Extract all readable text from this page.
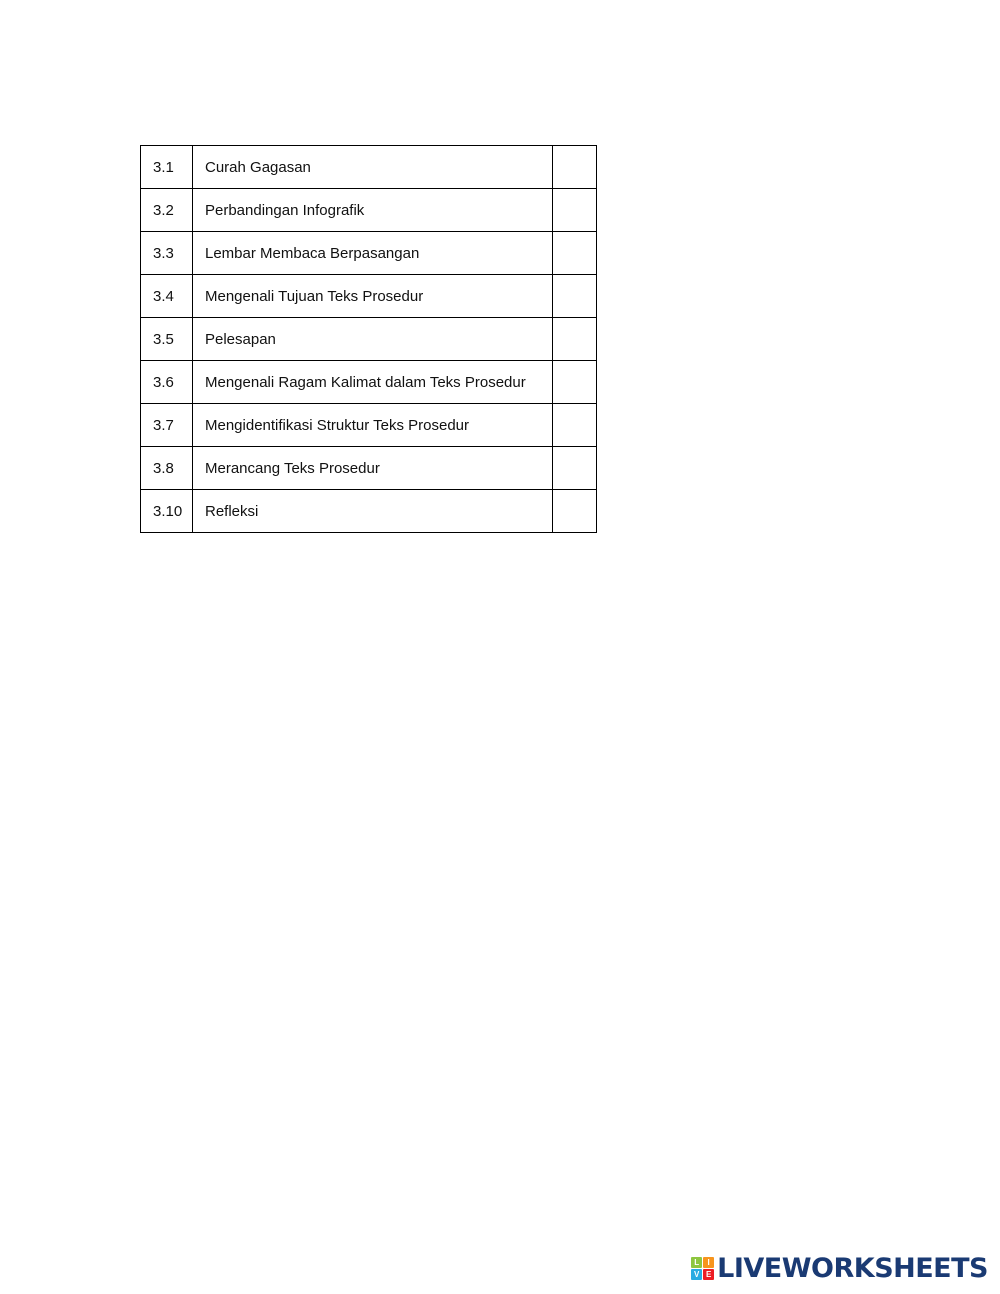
3.1	Curah Gagasan	
3.2	Perbandingan Infografik	
3.3	Lembar Membaca Berpasangan	
3.4	Mengenali Tujuan Teks Prosedur	
3.5	Pelesapan	
3.6	Mengenali Ragam Kalimat dalam Teks Prosedur	
3.7	Mengidentifikasi Struktur Teks Prosedur	
3.8	Merancang Teks Prosedur	
3.10	Refleksi	
L	I
V E LIVEWORKSHEETS
